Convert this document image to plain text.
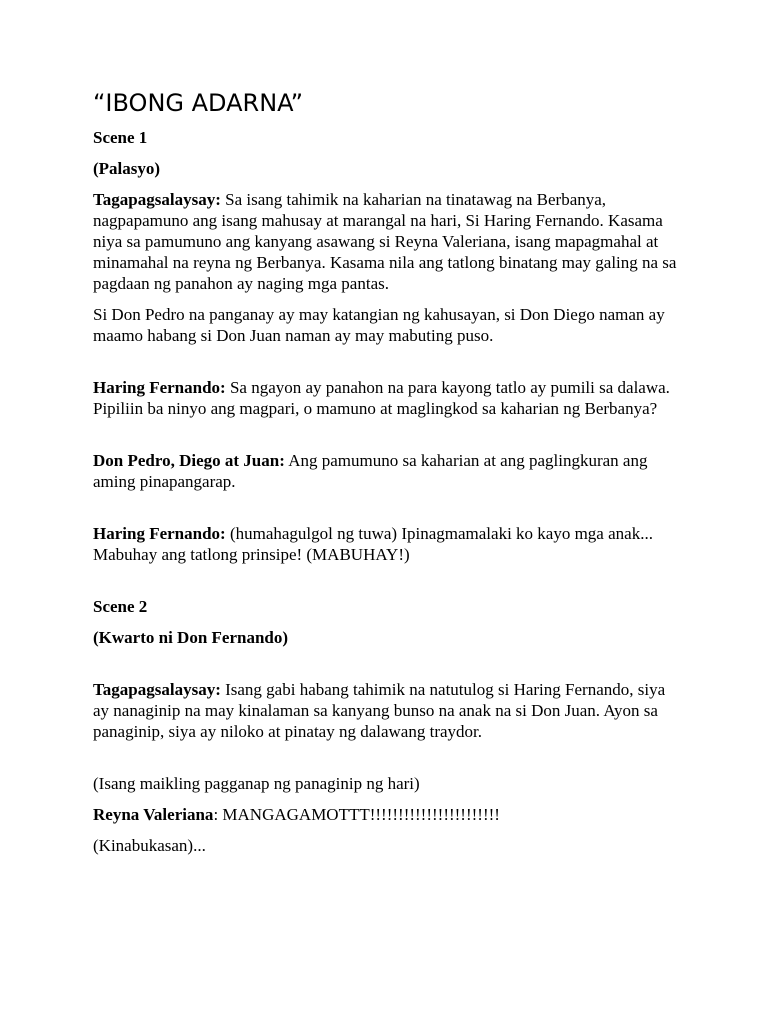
“IBONG ADARNA”

Scene 1

(Palasyo)

Tagapagsalaysay: Sa isang tahimik na kaharian na tinatawag na Berbanya, nagpapamuno ang isang mahusay at marangal na hari, Si Haring Fernando. Kasama niya sa pamumuno ang kanyang asawang si Reyna Valeriana, isang mapagmahal at minamahal na reyna ng Berbanya. Kasama nila ang tatlong binatang may galing na sa pagdaan ng panahon ay naging mga pantas.

Si Don Pedro na panganay ay may katangian ng kahusayan, si Don Diego naman ay maamo habang si Don Juan naman ay may mabuting puso.

Haring Fernando: Sa ngayon ay panahon na para kayong tatlo ay pumili sa dalawa. Pipiliin ba ninyo ang magpari, o mamuno at maglingkod sa kaharian ng Berbanya?

Don Pedro, Diego at Juan: Ang pamumuno sa kaharian at ang paglingkuran ang aming pinapangarap.

Haring Fernando: (humahagulgol ng tuwa) Ipinagmamalaki ko kayo mga anak... Mabuhay ang tatlong prinsipe! (MABUHAY!)

Scene 2

(Kwarto ni Don Fernando)

Tagapagsalaysay: Isang gabi habang tahimik na natutulog si Haring Fernando, siya ay nanaginip na may kinalaman sa kanyang bunso na anak na si Don Juan. Ayon sa panaginip, siya ay niloko at pinatay ng dalawang traydor.

(Isang maikling pagganap ng panaginip ng hari)

Reyna Valeriana: MANGAGAMOTTT!!!!!!!!!!!!!!!!!!!!!!!

(Kinabukasan)...
